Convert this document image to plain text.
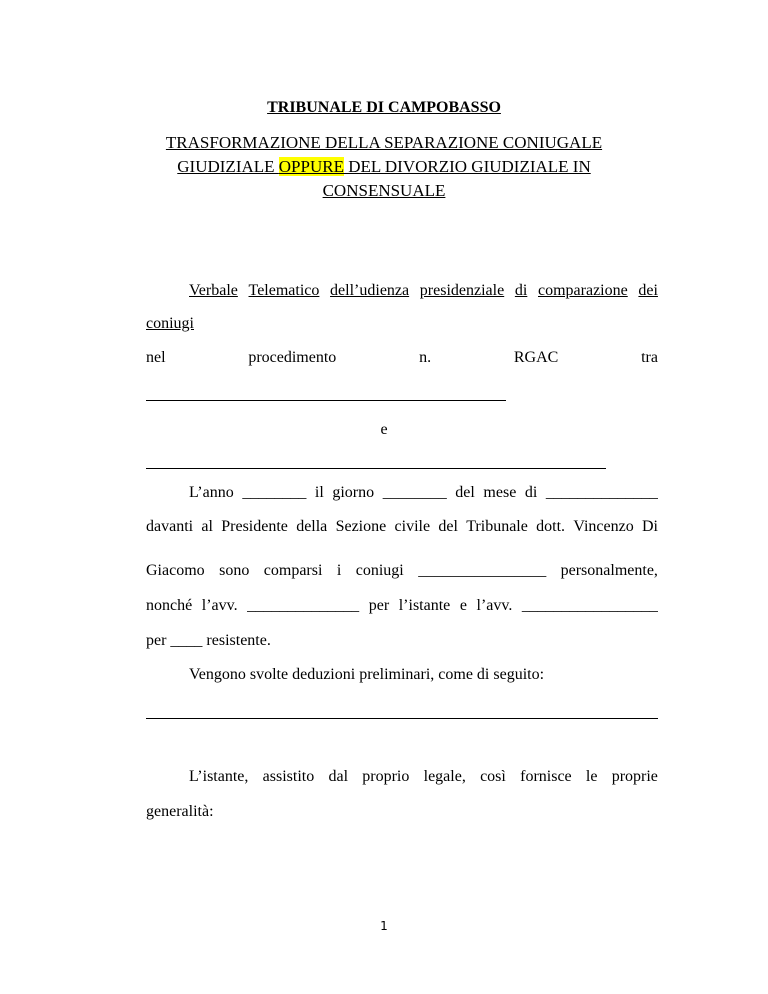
TRIBUNALE DI CAMPOBASSO
TRASFORMAZIONE DELLA SEPARAZIONE CONIUGALE
GIUDIZIALE OPPURE DEL DIVORZIO GIUDIZIALE IN
CONSENSUALE
Verbale Telematico dell’udienza presidenziale di comparazione dei
coniugi
nel	procedimento	n.	RGAC	tra
e
L’anno ________ il giorno ________ del mese di ______________
davanti al Presidente della Sezione civile del Tribunale dott. Vincenzo Di
Giacomo sono comparsi i coniugi ________________ personalmente,
nonché l’avv. ______________ per l’istante e l’avv. _________________
per ____ resistente.
Vengono svolte deduzioni preliminari, come di seguito:
L’istante, assistito dal proprio legale, così fornisce le proprie
generalità:
1
